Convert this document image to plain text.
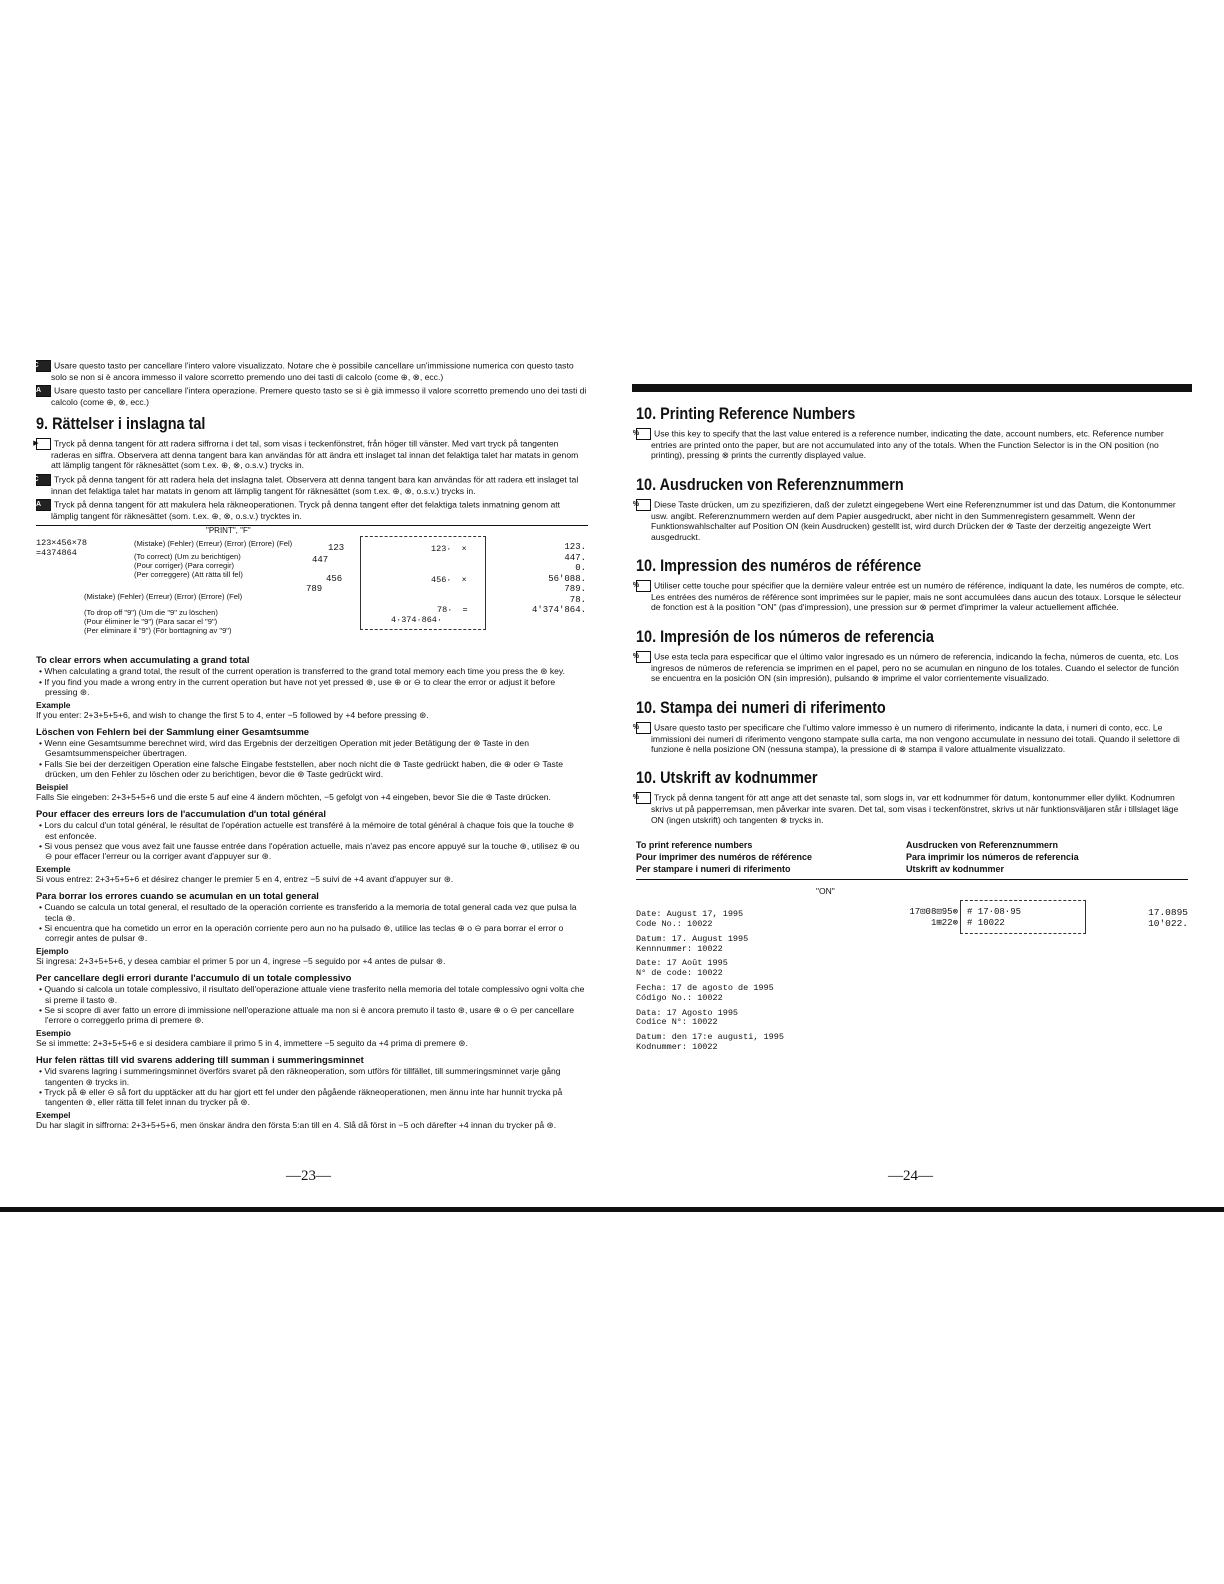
C Usare questo tasto per cancellare l'intero valore visualizzato. Notare che è possibile cancellare un'immissione numerica con questo tasto solo se non si è ancora immesso il valore scorretto premendo uno dei tasti di calcolo (come ⊕, ⊗, ecc.)

CA Usare questo tasto per cancellare l'intera operazione. Premere questo tasto se si è già immesso il valore scorretto premendo uno dei tasti di calcolo (come ⊕, ⊗, ecc.)

9. Rättelser i inslagna tal

▶ Tryck på denna tangent för att radera siffrorna i det tal, som visas i teckenfönstret, från höger till vänster. Med vart tryck på tangenten raderas en siffra. Observera att denna tangent bara kan användas för att ändra ett inslaget tal innan det felaktiga talet har matats in genom att lämplig tangent för räknesättet (som t.ex. ⊕, ⊗, o.s.v.) trycks in.

C Tryck på denna tangent för att radera hela det inslagna talet. Observera att denna tangent bara kan användas för att radera ett inslaget tal innan det felaktiga talet har matats in genom att lämplig tangent för räknesättet (som t.ex. ⊕, ⊗, o.s.v.) trycks in.

CA Tryck på denna tangent för att makulera hela räkneoperationen. Tryck på denna tangent efter det felaktiga talets inmatning genom att lämplig tangent för räknesättet (som. t.ex. ⊕, ⊗, o.s.v.) trycktes in.

"PRINT", "F"
123×456×78
=4374864
(Mistake) (Fehler) (Erreur) (Error) (Errore) (Fel)
(To correct) (Um zu berichtigen)
(Pour corriger) (Para corregir)
(Per correggere) (Att rätta till fel)
(Mistake) (Fehler) (Erreur) (Error) (Errore) (Fel)
(To drop off "9") (Um die "9" zu löschen)
(Pour éliminer le "9") (Para sacar el "9")
(Per eliminare il "9") (För borttagning av "9")
123
447
456
789
123·  ×
456·  ×
78·  =
4·374·864·
123.
447.
0.
56'088.
789.
78.
4'374'864.
To clear errors when accumulating a grand total

• When calculating a grand total, the result of the current operation is transferred to the grand total memory each time you press the ⊛ key.

• If you find you made a wrong entry in the current operation but have not yet pressed ⊛, use ⊕ or ⊖ to clear the error or adjust it before pressing ⊛.

Example

If you enter: 2+3+5+5+6, and wish to change the first 5 to 4, enter −5 followed by +4 before pressing ⊛.

Löschen von Fehlern bei der Sammlung einer Gesamtsumme

• Wenn eine Gesamtsumme berechnet wird, wird das Ergebnis der derzeitigen Operation mit jeder Betätigung der ⊛ Taste in den Gesamtsummenspeicher übertragen.

• Falls Sie bei der derzeitigen Operation eine falsche Eingabe feststellen, aber noch nicht die ⊛ Taste gedrückt haben, die ⊕ oder ⊖ Taste drücken, um den Fehler zu löschen oder zu berichtigen, bevor die ⊛ Taste gedrückt wird.

Beispiel

Falls Sie eingeben: 2+3+5+5+6 und die erste 5 auf eine 4 ändern möchten, −5 gefolgt von +4 eingeben, bevor Sie die ⊛ Taste drücken.

Pour effacer des erreurs lors de l'accumulation d'un total général

• Lors du calcul d'un total général, le résultat de l'opération actuelle est transféré à la mémoire de total général à chaque fois que la touche ⊛ est enfoncée.

• Si vous pensez que vous avez fait une fausse entrée dans l'opération actuelle, mais n'avez pas encore appuyé sur la touche ⊛, utilisez ⊕ ou ⊖ pour effacer l'erreur ou la corriger avant d'appuyer sur ⊛.

Exemple

Si vous entrez: 2+3+5+5+6 et désirez changer le premier 5 en 4, entrez −5 suivi de +4 avant d'appuyer sur ⊛.

Para borrar los errores cuando se acumulan en un total general

• Cuando se calcula un total general, el resultado de la operación corriente es transferido a la memoria de total general cada vez que pulsa la tecla ⊛.

• Si encuentra que ha cometido un error en la operación corriente pero aun no ha pulsado ⊛, utilice las teclas ⊕ o ⊖ para borrar el error o corregir antes de pulsar ⊛.

Ejemplo

Si ingresa: 2+3+5+5+6, y desea cambiar el primer 5 por un 4, ingrese −5 seguido por +4 antes de pulsar ⊛.

Per cancellare degli errori durante l'accumulo di un totale complessivo

• Quando si calcola un totale complessivo, il risultato dell'operazione attuale viene trasferito nella memoria del totale complessivo ogni volta che si preme il tasto ⊛.

• Se si scopre di aver fatto un errore di immissione nell'operazione attuale ma non si è ancora premuto il tasto ⊛, usare ⊕ o ⊖ per cancellare l'errore o correggerlo prima di premere ⊛.

Esempio

Se si immette: 2+3+5+5+6 e si desidera cambiare il primo 5 in 4, immettere −5 seguito da +4 prima di premere ⊛.

Hur felen rättas till vid svarens addering till summan i summeringsminnet

• Vid svarens lagring i summeringsminnet överförs svaret på den räkneoperation, som utförs för tillfället, till summeringsminnet varje gång tangenten ⊛ trycks in.

• Tryck på ⊕ eller ⊖ så fort du upptäcker att du har gjort ett fel under den pågående räkneoperationen, men ännu inte har hunnit trycka på tangenten ⊛, eller rätta till felet innan du trycker på ⊛.

Exempel

Du har slagit in siffrorna: 2+3+5+5+6, men önskar ändra den första 5:an till en 4. Slå då först in −5 och därefter +4 innan du trycker på ⊛.

—23—
10. Printing Reference Numbers

% Use this key to specify that the last value entered is a reference number, indicating the date, account numbers, etc. Reference number entries are printed onto the paper, but are not accumulated into any of the totals. When the Function Selector is in the ON position (no printing), pressing ⊗ prints the currently displayed value.

10. Ausdrucken von Referenznummern

% Diese Taste drücken, um zu spezifizieren, daß der zuletzt eingegebene Wert eine Referenznummer ist und das Datum, die Kontonummer usw. angibt. Referenznummern werden auf dem Papier ausgedruckt, aber nicht in den Summenregistern gesammelt. Wenn der Funktionswahlschalter auf Position ON (kein Ausdrucken) gestellt ist, wird durch Drücken der ⊗ Taste der derzeitig angezeigte Wert ausgedruckt.

10. Impression des numéros de référence

% Utiliser cette touche pour spécifier que la dernière valeur entrée est un numéro de référence, indiquant la date, les numéros de compte, etc. Les entrées des numéros de référence sont imprimées sur le papier, mais ne sont accumulées dans aucun des totaux. Lorsque le sélecteur de fonction est à la position "ON" (pas d'impression), une pression sur ⊗ permet d'imprimer la valeur actuellement affichée.

10. Impresión de los números de referencia

% Use esta tecla para especificar que el último valor ingresado es un número de referencia, indicando la fecha, números de cuenta, etc. Los ingresos de números de referencia se imprimen en el papel, pero no se acumulan en ninguno de los totales. Cuando el selector de función se encuentra en la posición ON (sin impresión), pulsando ⊗ imprime el valor corrientemente visualizado.

10. Stampa dei numeri di riferimento

% Usare questo tasto per specificare che l'ultimo valore immesso è un numero di riferimento, indicante la data, i numeri di conto, ecc. Le immissioni dei numeri di riferimento vengono stampate sulla carta, ma non vengono accumulate in nessuno dei totali. Quando il selettore di funzione è nella posizione ON (nessuna stampa), la pressione di ⊗ stampa il valore attualmente visualizzato.

10. Utskrift av kodnummer

% Tryck på denna tangent för att ange att det senaste tal, som slogs in, var ett kodnummer för datum, kontonummer eller dylikt. Kodnumren skrivs ut på papperremsan, men påverkar inte svaren. Det tal, som visas i teckenfönstret, skrivs ut när funktionsväljaren står i tillslaget läge ON (ingen utskrift) och tangenten ⊗ trycks in.

To print reference numbers
Pour imprimer des numéros de référence
Per stampare i numeri di riferimento
Ausdrucken von Referenznummern
Para imprimir los números de referencia
Utskrift av kodnummer
"ON"
Date: August 17, 1995
Code No.: 10022
Datum: 17. August 1995
Kennnummer: 10022
Date: 17 Août 1995
N° de code: 10022
Fecha: 17 de agosto de 1995
Código No.: 10022
Data: 17 Agosto 1995
Codice N°: 10022
Datum: den 17:e augusti, 1995
Kodnummer: 10022
17⊡08⊡95⊗
1⊞22⊗
# 17·08·95
# 10022
17.0895
10'022.
—24—
